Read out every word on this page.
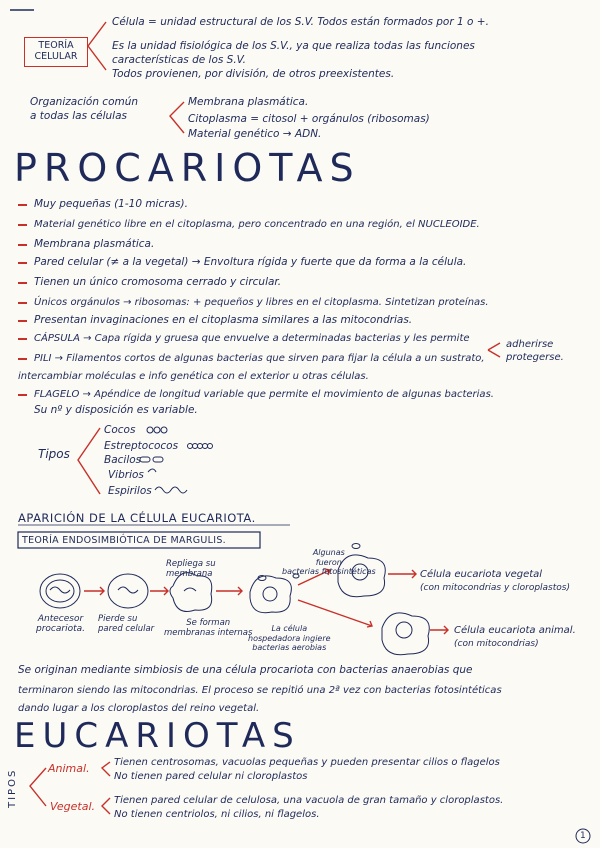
TEORÍA CELULAR
Célula = unidad estructural de los S.V. Todos están formados por 1 o +.
Es la unidad fisiológica de los S.V., ya que realiza todas las funciones
características de los S.V.
Todos provienen, por división, de otros preexistentes.
Organización común
a todas las células
Membrana plasmática.
Citoplasma = citosol + orgánulos (ribosomas)
Material genético → ADN.
PROCARIOTAS
Muy pequeñas (1-10 micras).
Material genético libre en el citoplasma, pero concentrado en una región, el NUCLEOIDE.
Membrana plasmática.
Pared celular (≠ a la vegetal) → Envoltura rígida y fuerte que da forma a la célula.
Tienen un único cromosoma cerrado y circular.
Únicos orgánulos → ribosomas: + pequeños y libres en el citoplasma. Sintetizan proteínas.
Presentan invaginaciones en el citoplasma similares a las mitocondrias.
CÁPSULA → Capa rígida y gruesa que envuelve a determinadas bacterias y les permite
adherirse
protegerse.
PILI → Filamentos cortos de algunas bacterias que sirven para fijar la célula a un sustrato,
intercambiar moléculas e info genética con el exterior u otras células.
FLAGELO → Apéndice de longitud variable que permite el movimiento de algunas bacterias.
Su nº y disposición es variable.
Tipos
Cocos
Estreptococos
Bacilos
Vibrios
Espirilos
APARICIÓN DE LA CÉLULA EUCARIOTA.
TEORÍA ENDOSIMBIÓTICA DE MARGULIS.
Antecesor
procariota.
Pierde su
pared celular
Repliega su
membrana
Se forman
membranas internas	La célula
hospedadora ingiere
bacterias aerobias
Algunas
fueron
bacterias fotosintéticas	Célula eucariota vegetal
(con mitocondrias y cloroplastos)
Célula eucariota animal.
(con mitocondrias)
Se originan mediante simbiosis de una célula procariota con bacterias anaerobias que
terminaron siendo las mitocondrias. El proceso se repitió una 2ª vez con bacterias fotosintéticas
dando lugar a los cloroplastos del reino vegetal.
EUCARIOTAS
TIPOS
Animal. Tienen centrosomas, vacuolas pequeñas y pueden presentar cilios o flagelos
No tienen pared celular ni cloroplastos
Vegetal. Tienen pared celular de celulosa, una vacuola de gran tamaño y cloroplastos.
No tienen centriolos, ni cilios, ni flagelos.
1
